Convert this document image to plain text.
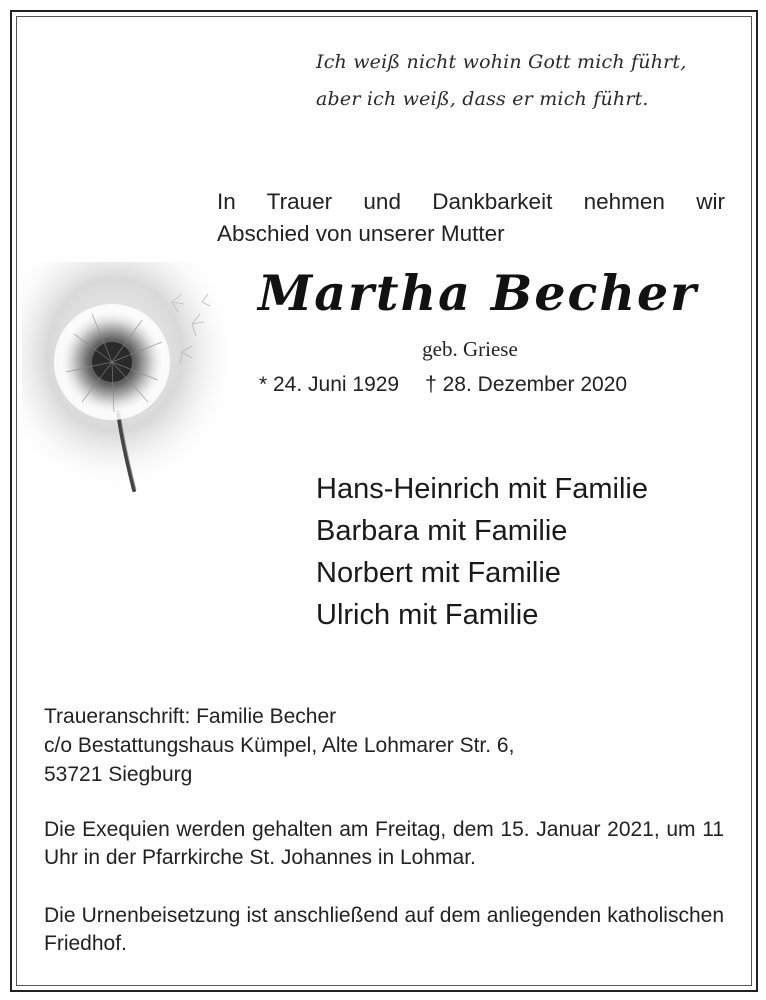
Ich weiß nicht wohin Gott mich führt,
aber ich weiß, dass er mich führt.
In Trauer und Dankbarkeit nehmen wir
Abschied von unserer Mutter
Martha Becher
geb. Griese
* 24. Juni 1929 † 28. Dezember 2020
Hans-Heinrich mit Familie
Barbara mit Familie
Norbert mit Familie
Ulrich mit Familie
Traueranschrift: Familie Becher
c/o Bestattungshaus Kümpel, Alte Lohmarer Str. 6,
53721 Siegburg
Die Exequien werden gehalten am Freitag, dem 15. Januar 2021, um 11 Uhr in der Pfarrkirche St. Johannes in Lohmar.
Die Urnenbeisetzung ist anschließend auf dem anliegenden katholischen Friedhof.
